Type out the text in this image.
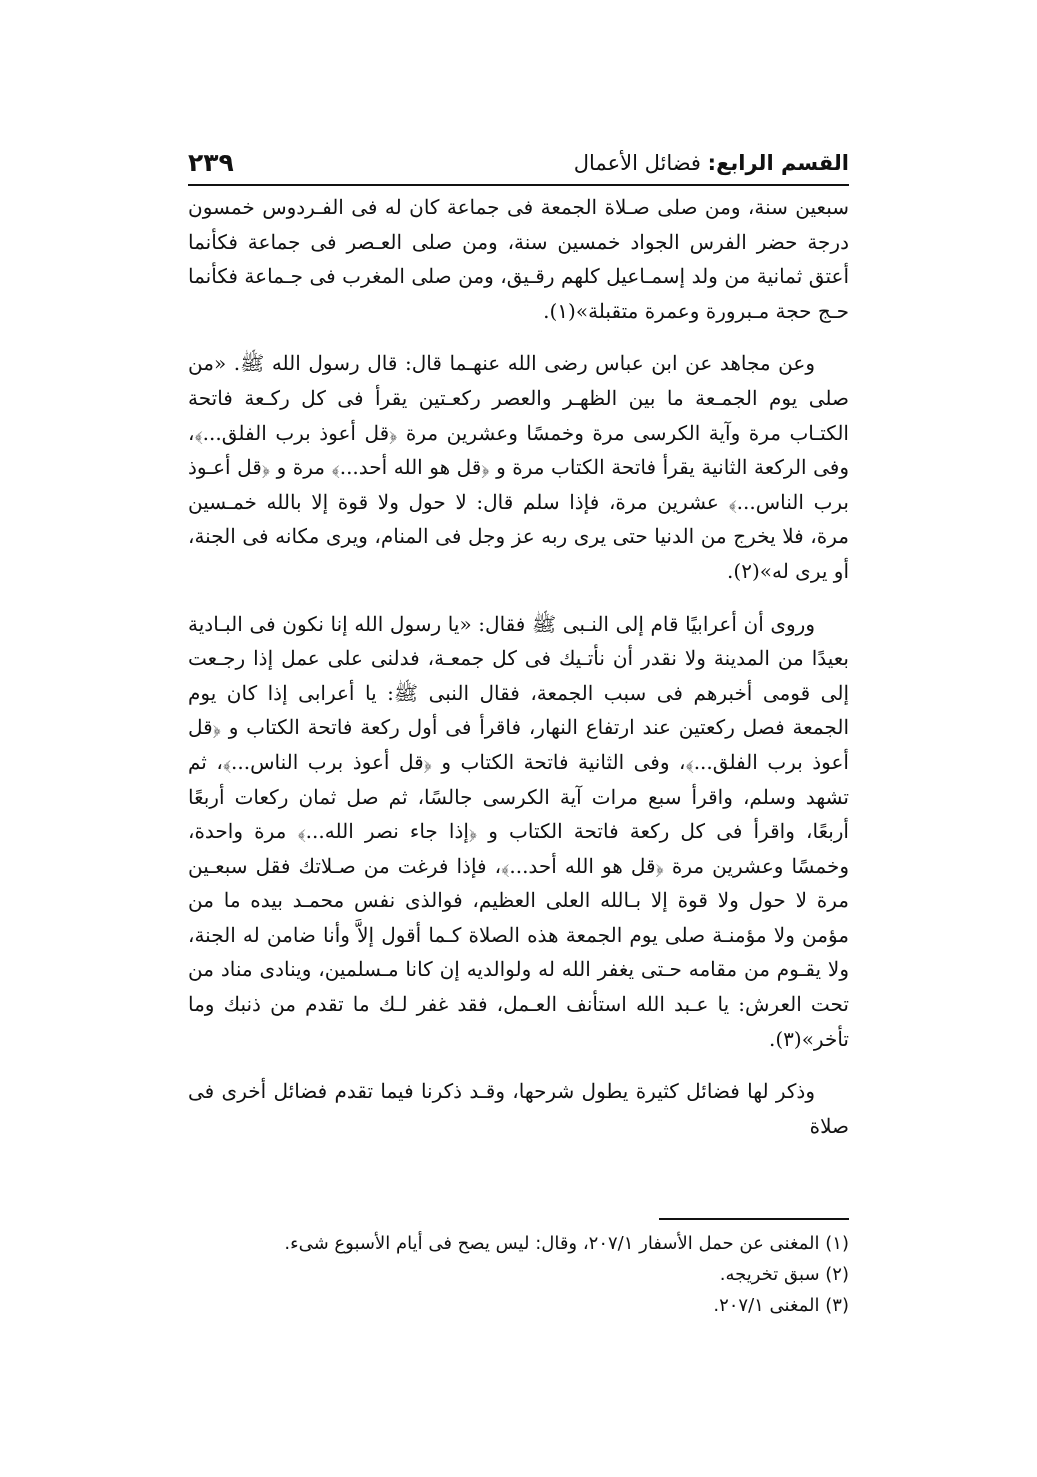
القسم الرابع: فضائل الأعمال
٢٣٩

سبعين سنة، ومن صلى صـلاة الجمعة فى جماعة كان له فى الفـردوس خمسون درجة حضر الفرس الجواد خمسين سنة، ومن صلى العـصر فى جماعة فكأنما أعتق ثمانية من ولد إسمـاعيل كلهم رقـيق، ومن صلى المغرب فى جـماعة فكأنما حـج حجة مـبرورة وعمرة متقبلة»(١).

وعن مجاهد عن ابن عباس رضى الله عنهـما قال: قال رسول الله ﷺ. «من صلى يوم الجمـعة ما بين الظهـر والعصر ركعـتين يقرأ فى كل ركـعة فاتحة الكتـاب مرة وآية الكرسى مرة وخمسًا وعشرين مرة ﴿قل أعوذ برب الفلق...﴾، وفى الركعة الثانية يقرأ فاتحة الكتاب مرة و ﴿قل هو الله أحد...﴾ مرة و ﴿قل أعـوذ برب الناس...﴾ عشرين مرة، فإذا سلم قال: لا حول ولا قوة إلا بالله خمـسين مرة، فلا يخرج من الدنيا حتى يرى ربه عز وجل فى المنام، ويرى مكانه فى الجنة، أو يرى له»(٢).

وروى أن أعرابيًا قام إلى النـبى ﷺ فقال: «يا رسول الله إنا نكون فى البـادية بعيدًا من المدينة ولا نقدر أن نأتـيك فى كل جمعـة، فدلنى على عمل إذا رجـعت إلى قومى أخبرهم فى سبب الجمعة، فقال النبى ﷺ: يا أعرابى إذا كان يوم الجمعة فصل ركعتين عند ارتفاع النهار، فاقرأ فى أول ركعة فاتحة الكتاب و ﴿قل أعوذ برب الفلق...﴾، وفى الثانية فاتحة الكتاب و ﴿قل أعوذ برب الناس...﴾، ثم تشهد وسلم، واقرأ سبع مرات آية الكرسى جالسًا، ثم صل ثمان ركعات أربعًا أربعًا، واقرأ فى كل ركعة فاتحة الكتاب و ﴿إذا جاء نصر الله...﴾ مرة واحدة، وخمسًا وعشرين مرة ﴿قل هو الله أحد...﴾، فإذا فرغت من صـلاتك فقل سبعـين مرة لا حول ولا قوة إلا بـالله العلى العظيم، فوالذى نفس محمـد بيده ما من مؤمن ولا مؤمنـة صلى يوم الجمعة هذه الصلاة كـما أقول إلاَّ وأنا ضامن له الجنة، ولا يقـوم من مقامه حـتى يغفر الله له ولوالديه إن كانا مـسلمين، وينادى مناد من تحت العرش: يا عـبد الله استأنف العـمل، فقد غفر لـك ما تقدم من ذنبك وما تأخر»(٣).

وذكر لها فضائل كثيرة يطول شرحها، وقـد ذكرنا فيما تقدم فضائل أخرى فى صلاة

(١) المغنى عن حمل الأسفار ٢٠٧/١، وقال: ليس يصح فى أيام الأسبوع شىء.

(٢) سبق تخريجه.

(٣) المغنى ٢٠٧/١.
